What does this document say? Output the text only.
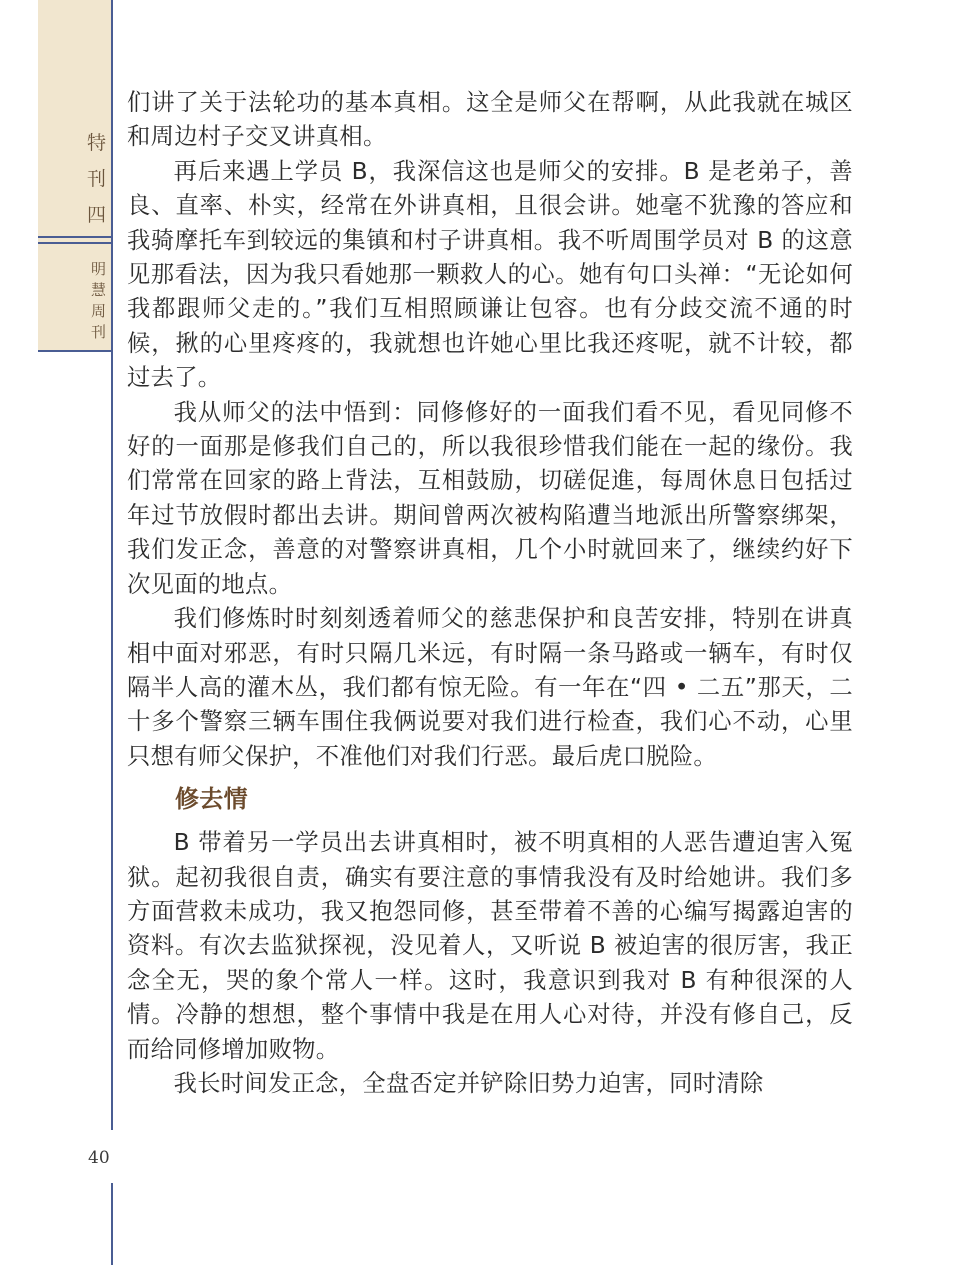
特
刊
四
明
慧
周
刊
40

们讲了关于法轮功的基本真相。这全是师父在帮啊，从此我就在城区和周边村子交叉讲真相。

再后来遇上学员 B，我深信这也是师父的安排。B 是老弟子，善良、直率、朴实，经常在外讲真相，且很会讲。她毫不犹豫的答应和我骑摩托车到较远的集镇和村子讲真相。我不听周围学员对 B 的这意见那看法，因为我只看她那一颗救人的心。她有句口头禅：“无论如何我都跟师父走的。”我们互相照顾谦让包容。也有分歧交流不通的时候，揪的心里疼疼的，我就想也许她心里比我还疼呢，就不计较，都过去了。

我从师父的法中悟到：同修修好的一面我们看不见，看见同修不好的一面那是修我们自己的，所以我很珍惜我们能在一起的缘份。我们常常在回家的路上背法，互相鼓励，切磋促進，每周休息日包括过年过节放假时都出去讲。期间曾两次被构陷遭当地派出所警察绑架，我们发正念，善意的对警察讲真相，几个小时就回来了，继续约好下次见面的地点。

我们修炼时时刻刻透着师父的慈悲保护和良苦安排，特别在讲真相中面对邪恶，有时只隔几米远，有时隔一条马路或一辆车，有时仅隔半人高的灌木丛，我们都有惊无险。有一年在“四 • 二五”那天，二十多个警察三辆车围住我俩说要对我们进行检查，我们心不动，心里只想有师父保护，不准他们对我们行恶。最后虎口脱险。

修去情

B 带着另一学员出去讲真相时，被不明真相的人恶告遭迫害入冤狱。起初我很自责，确实有要注意的事情我没有及时给她讲。我们多方面营救未成功，我又抱怨同修，甚至带着不善的心编写揭露迫害的资料。有次去监狱探视，没见着人，又听说 B 被迫害的很厉害，我正念全无，哭的象个常人一样。这时，我意识到我对 B 有种很深的人情。冷静的想想，整个事情中我是在用人心对待，并没有修自己，反而给同修增加败物。

我长时间发正念，全盘否定并铲除旧势力迫害，同时清除
